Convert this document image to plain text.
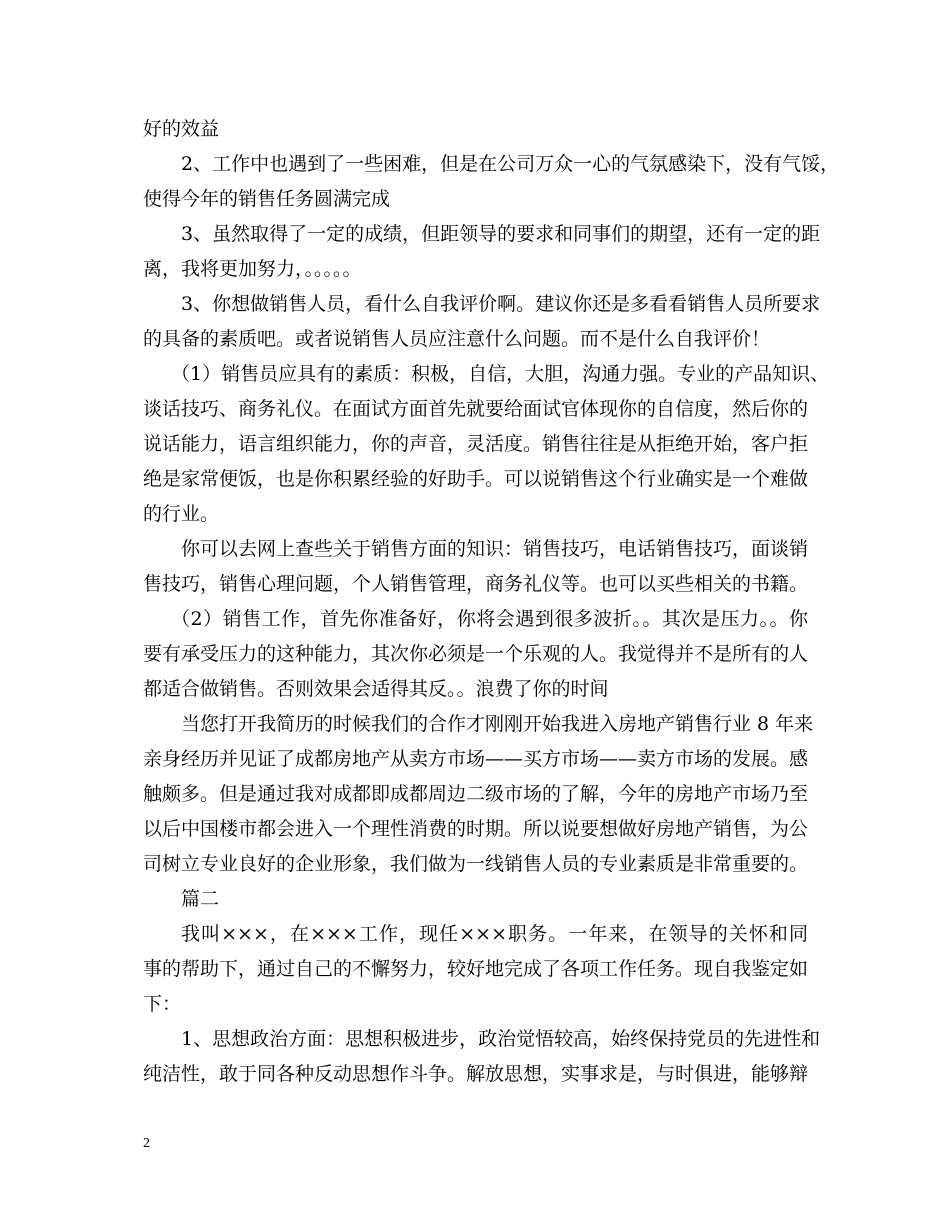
好的效益
2、工作中也遇到了一些困难，但是在公司万众一心的气氛感染下，没有气馁，
使得今年的销售任务圆满完成
3、虽然取得了一定的成绩，但距领导的要求和同事们的期望，还有一定的距
离，我将更加努力，。。。。。
3、你想做销售人员，看什么自我评价啊。建议你还是多看看销售人员所要求
的具备的素质吧。或者说销售人员应注意什么问题。而不是什么自我评价！
（1）销售员应具有的素质：积极，自信，大胆，沟通力强。专业的产品知识、
谈话技巧、商务礼仪。在面试方面首先就要给面试官体现你的自信度，然后你的
说话能力，语言组织能力，你的声音，灵活度。销售往往是从拒绝开始，客户拒
绝是家常便饭，也是你积累经验的好助手。可以说销售这个行业确实是一个难做
的行业。
你可以去网上查些关于销售方面的知识：销售技巧，电话销售技巧，面谈销
售技巧，销售心理问题，个人销售管理，商务礼仪等。也可以买些相关的书籍。
（2）销售工作，首先你准备好，你将会遇到很多波折。。其次是压力。。你
要有承受压力的这种能力，其次你必须是一个乐观的人。我觉得并不是所有的人
都适合做销售。否则效果会适得其反。。浪费了你的时间
当您打开我简历的时候我们的合作才刚刚开始我进入房地产销售行业 8 年来
亲身经历并见证了成都房地产从卖方市场——买方市场——卖方市场的发展。感
触颇多。但是通过我对成都即成都周边二级市场的了解，今年的房地产市场乃至
以后中国楼市都会进入一个理性消费的时期。所以说要想做好房地产销售，为公
司树立专业良好的企业形象，我们做为一线销售人员的专业素质是非常重要的。
篇二
我叫×××，在×××工作，现任×××职务。一年来，在领导的关怀和同
事的帮助下，通过自己的不懈努力，较好地完成了各项工作任务。现自我鉴定如
下：
1、思想政治方面：思想积极进步，政治觉悟较高，始终保持党员的先进性和
纯洁性，敢于同各种反动思想作斗争。解放思想，实事求是，与时俱进，能够辩
2
